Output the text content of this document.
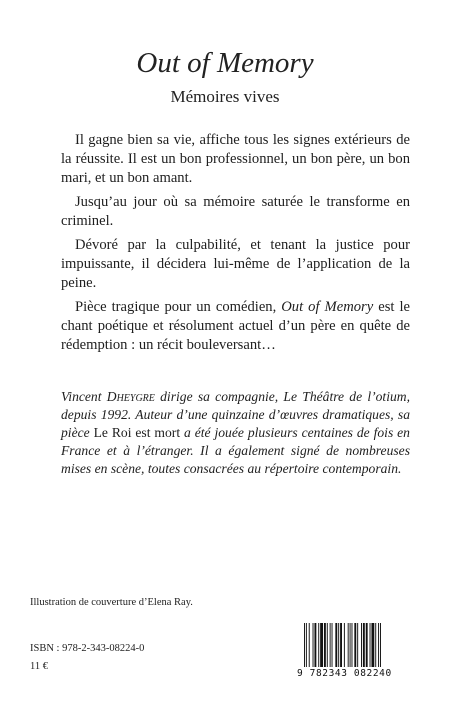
Out of Memory
Mémoires vives

Il gagne bien sa vie, affiche tous les signes extérieurs de la réussite. Il est un bon professionnel, un bon père, un bon mari, et un bon amant.

Jusqu’au jour où sa mémoire saturée le transforme en criminel.

Dévoré par la culpabilité, et tenant la justice pour impuissante, il décidera lui-même de l’application de la peine.

Pièce tragique pour un comédien, Out of Memory est le chant poétique et résolument actuel d’un père en quête de rédemption : un récit bouleversant…

Vincent Dheygre dirige sa compagnie, Le Théâtre de l’otium, depuis 1992. Auteur d’une quinzaine d’œuvres dramatiques, sa pièce Le Roi est mort a été jouée plusieurs centaines de fois en France et à l’étranger. Il a également signé de nombreuses mises en scène, toutes consacrées au répertoire contemporain.
Illustration de couverture d’Elena Ray.
ISBN : 978-2-343-08224-0
11 €
9 782343 082240
